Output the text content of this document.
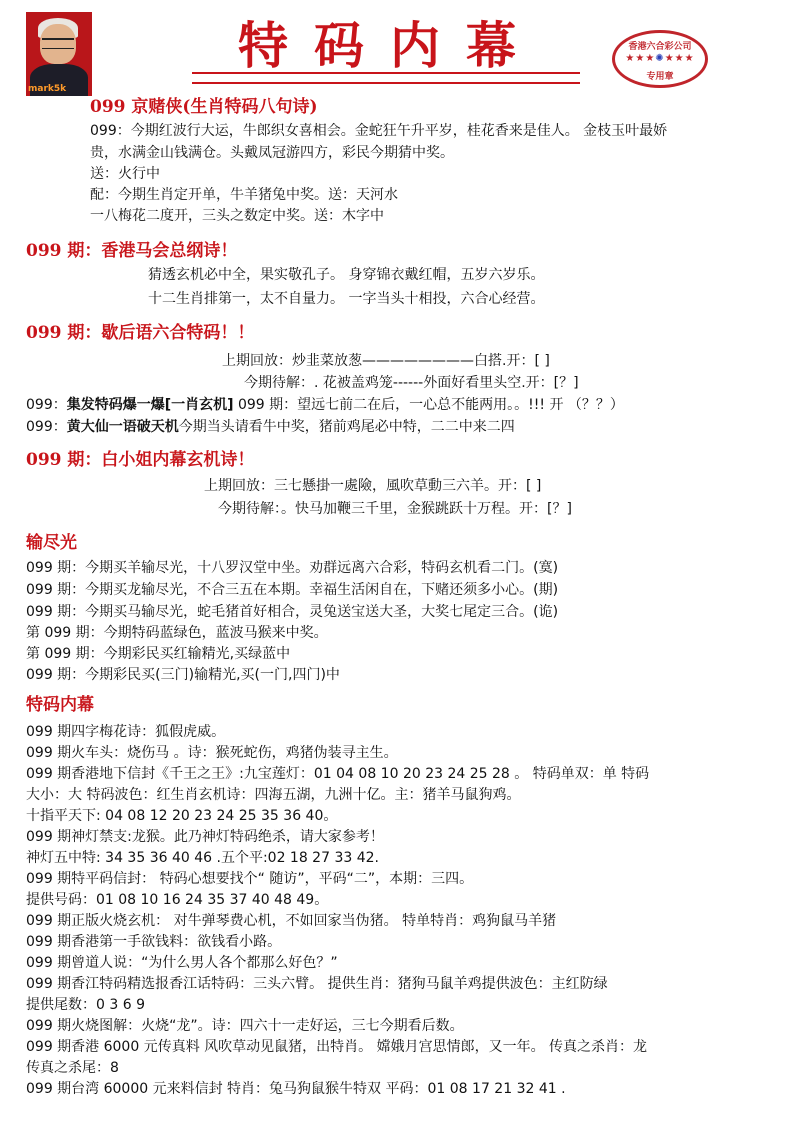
mark5k
特码内幕	香港六合彩公司
★★★✺★★★
专用章
099 京赌侠(生肖特码八句诗)
099：今期红波行大运，牛郎织女喜相会。金蛇狂午升平岁，桂花香来是佳人。 金枝玉叶最娇
贵，水满金山钱满仓。头戴凤冠游四方，彩民今期猜中奖。
送：火行中
配：今期生肖定开单，牛羊猪兔中奖。送：天河水
一八梅花二度开，三头之数定中奖。送：木字中
099 期：香港马会总纲诗！
猜透玄机必中全，果实敬孔子。 身穿锦衣戴红帽，五岁六岁乐。
十二生肖排第一，太不自量力。 一字当头十相投，六合心经营。
099 期：歇后语六合特码！！
上期回放：炒韭菜放葱————————白搭.开：[ ]
今期待解：. 花被盖鸡笼------外面好看里头空.开：[？]
099：集发特码爆一爆[一肖玄机] 099 期：望远七前二在后，一心总不能两用。。!!! 开 （？？）
099：黄大仙一语破天机今期当头请看牛中奖，猪前鸡尾必中特，二二中来二四
099 期：白小姐内幕玄机诗！
上期回放：三七懸掛一處險，風吹草動三六羊。开：[ ]
今期待解：。快马加鞭三千里，金猴跳跃十万程。开：[？]
输尽光
099 期：今期买羊输尽光，十八罗汉堂中坐。劝群远离六合彩，特码玄机看二门。(寞)
099 期：今期买龙输尽光，不合三五在本期。幸福生活闲自在，下赌还须多小心。(期)
099 期：今期买马输尽光，蛇毛猪首好相合，灵兔送宝送大圣，大奖七尾定三合。(诡)
第 099 期：今期特码蓝绿色，蓝波马猴来中奖。
第 099 期：今期彩民买红输精光,买绿蓝中
099 期：今期彩民买(三门)输精光,买(一门,四门)中
特码内幕
099 期四字梅花诗：狐假虎威。
099 期火车头：烧伤马 。诗：猴死蛇伤，鸡猪伪装寻主生。
099 期香港地下信封《千王之王》:九宝莲灯：01 04 08 10 20 23 24 25 28 。 特码单双：单 特码
大小：大 特码波色：红生肖玄机诗：四海五湖，九洲十亿。主：猪羊马鼠狗鸡。
十指平天下: 04 08 12 20 23 24 25 35 36 40。
099 期神灯禁支:龙猴。此乃神灯特码绝杀，请大家参考！
神灯五中特: 34 35 36 40 46 .五个平:02 18 27 33 42.
099 期特平码信封： 特码心想要找个“ 随访”，平码“二”，本期：三四。
提供号码：01 08 10 16 24 35 37 40 48 49。
099 期正版火烧玄机： 对牛弹琴费心机，不如回家当伪猪。 特单特肖：鸡狗鼠马羊猪
099 期香港第一手欲钱料：欲钱看小路。
099 期曾道人说：“为什么男人各个都那么好色？”
099 期香江特码精选报香江话特码：三头六臂。 提供生肖：猪狗马鼠羊鸡提供波色：主红防绿
提供尾数：0 3 6 9
099 期火烧图解：火烧“龙”。诗：四六十一走好运，三七今期看后数。
099 期香港 6000 元传真料 风吹草动见鼠猪，出特肖。 嫦娥月宫思情郎，又一年。 传真之杀肖：龙
传真之杀尾：8
099 期台湾 60000 元来料信封 特肖：兔马狗鼠猴牛特双 平码：01 08 17 21 32 41 .
